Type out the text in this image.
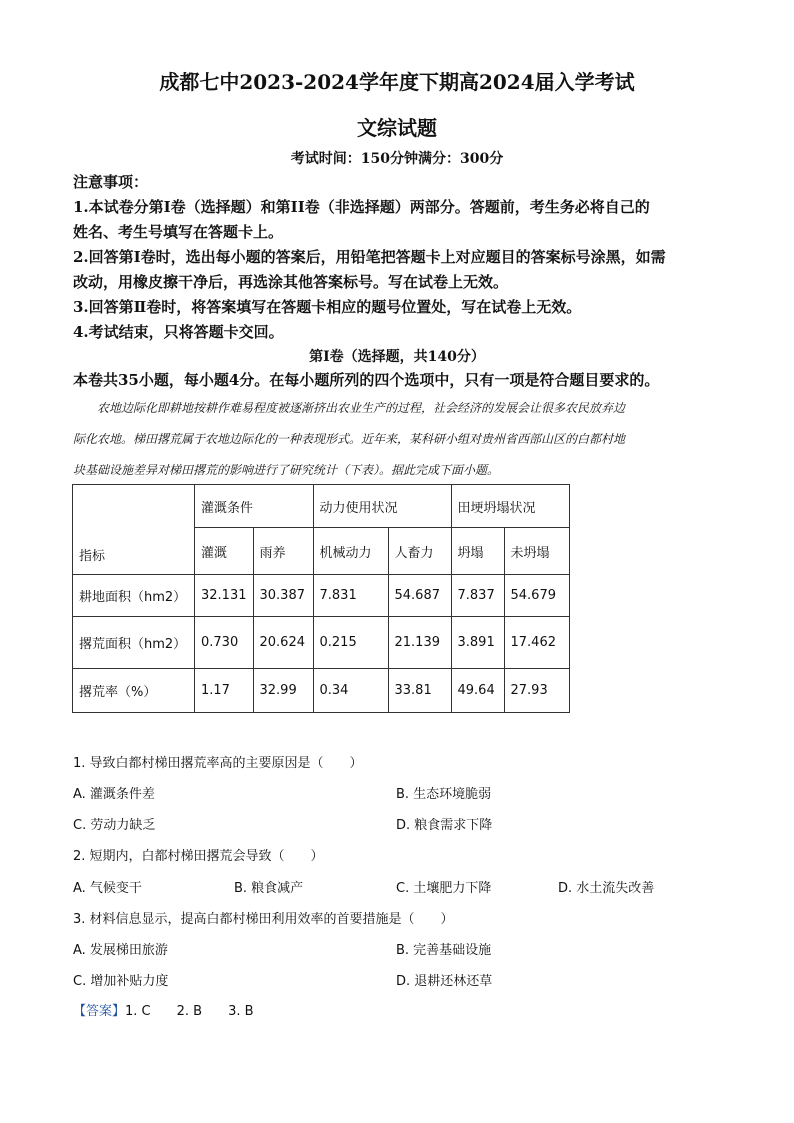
成都七中2023-2024学年度下期高2024届入学考试
文综试题
考试时间：150分钟满分：300分
注意事项：
1.本试卷分第Ⅰ卷（选择题）和第II卷（非选择题）两部分。答题前，考生务必将自己的
姓名、考生号填写在答题卡上。
2.回答第Ⅰ卷时，选出每小题的答案后，用铅笔把答题卡上对应题目的答案标号涂黑，如需
改动，用橡皮擦干净后，再选涂其他答案标号。写在试卷上无效。
3.回答第Ⅱ卷时，将答案填写在答题卡相应的题号位置处，写在试卷上无效。
4.考试结束，只将答题卡交回。
第Ⅰ卷（选择题，共140分）
本卷共35小题，每小题4分。在每小题所列的四个选项中，只有一项是符合题目要求的。
农地边际化即耕地按耕作难易程度被逐渐挤出农业生产的过程，社会经济的发展会让很多农民放弃边
际化农地。梯田撂荒属于农地边际化的一种表现形式。近年来，某科研小组对贵州省西部山区的白都村地
块基础设施差异对梯田撂荒的影响进行了研究统计（下表）。据此完成下面小题。
指标	灌溉条件		动力使用状况		田埂坍塌状况	
	灌溉	雨养	机械动力	人畜力	坍塌	未坍塌
耕地面积（hm2）	32.131	30.387	7.831	54.687	7.837	54.679
撂荒面积（hm2）	0.730	20.624	0.215	21.139	3.891	17.462
撂荒率（%）	1.17	32.99	0.34	33.81	49.64	27.93
1. 导致白都村梯田撂荒率高的主要原因是（　　）
A. 灌溉条件差	B. 生态环境脆弱
C. 劳动力缺乏	D. 粮食需求下降
2. 短期内，白都村梯田撂荒会导致（　　）
A. 气候变干	B. 粮食减产	C. 土壤肥力下降	D. 水土流失改善
3. 材料信息显示，提高白都村梯田利用效率的首要措施是（　　）
A. 发展梯田旅游	B. 完善基础设施
C. 增加补贴力度	D. 退耕还林还草
【答案】1. C　　2. B　　3. B
